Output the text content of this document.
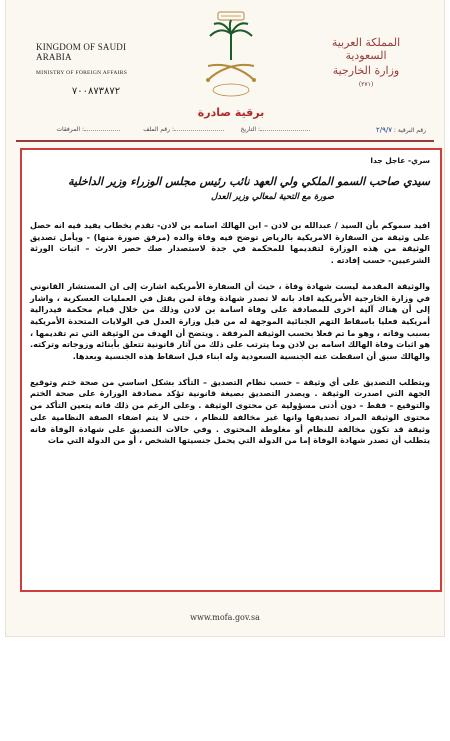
KINGDOM OF SAUDI ARABIA
MINISTRY OF FOREIGN AFFAIRS
٧٠٠٨٧٣٨٧٢
المملكة العربية السعودية
وزارة الخارجية
(٢٧١)
برقية صادرة
رقم البرقية : ٢/٩/٧
التاريخ :
رقم الملف :
المرفقات :
سري- عاجل جدا
سيدي صاحب السمو الملكي ولي العهد نائب رئيس مجلس الوزراء وزير الداخلية
صورة مع التحية لمعالي وزير العدل
افيد سموكم بأن السيد / عبدالله بن لادن – ابن الهالك اسامه بن لادن- تقدم بخطاب يفيد فيه انه حصل على وثيقة من السفارة الامريكية بالرياض توضح فيه وفاة والده (مرفق صورة منها) - ويأمل تصديق الوثيقة من هذه الوزارة لتقديمها للمحكمة في جدة لاستصدار صك حصر الارث – اثبات الورثة الشرعيين- حسب إفادته .
والوثيقة المقدمة ليست شهادة وفاة ، حيث أن السفارة الأمريكية اشارت إلى ان المستشار القانوني في وزارة الخارجية الأمريكية افاد بانه لا تصدر شهادة وفاة لمن يقتل في العمليات العسكرية ، واشار إلى أن هناك آلية اخرى للمصادقة على وفاة اسامة بن لادن وذلك من خلال قيام محكمة فيدرالية أمريكية فعليا باسقاط التهم الجنائية الموجهة له من قبل وزارة العدل في الولايات المتحدة الأمريكية بسبب وفاته ، وهو ما تم فعلا بحسب الوثيقة المرفقة . ويتضح أن الهدف من الوثيقة التي تم تقديمها ، هو اثبات وفاة الهالك اسامه بن لادن وما يترتب على ذلك من آثار قانونية تتعلق بأبنائه وزوجاته وتركته. والهالك سبق أن اسقطت عنه الجنسية السعودية وله ابناء قبل اسقاط هذه الجنسية وبعدها.
ويتطلب التصديق على أي وثيقة – حسب نظام التصديق – التأكد بشكل اساسي من صحة ختم وتوقيع الجهة التي اصدرت الوثيقة . ويصدر التصديق بصيغة قانونية تؤكد مصادقة الوزارة على صحة الختم والتوقيع – فقط – دون أدنى مسؤولية عن محتوى الوثيقة . وعلى الرغم من ذلك فانه يتعين التأكد من محتوى الوثيقة المراد تصديقها وانها غير مخالفة للنظام ، حتى لا يتم اضفاء الصفة النظامية على وثيقة قد تكون مخالفة للنظام أو مغلوطة المحتوى . وفي حالات التصديق على شهادة الوفاة فانه يتطلب أن تصدر شهادة الوفاة إما من الدولة التي يحمل جنسيتها الشخص ، أو من الدولة التي مات
www.mofa.gov.sa
